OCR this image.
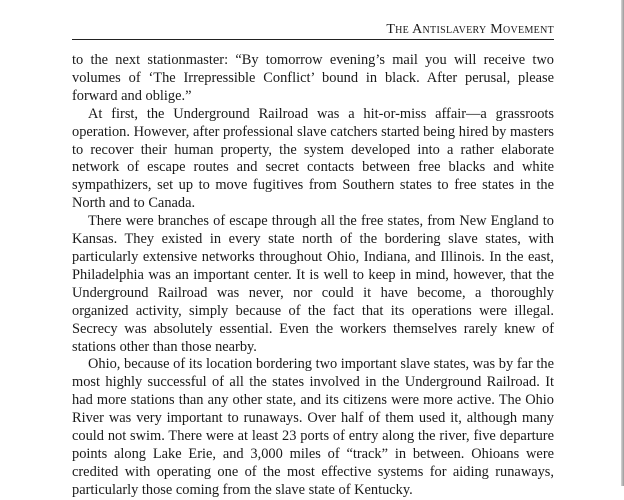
The Antislavery Movement

to the next stationmaster: “By tomorrow evening’s mail you will receive two volumes of ‘The Irrepressible Conflict’ bound in black. After perusal, please forward and oblige.”

At first, the Underground Railroad was a hit-or-miss affair—a grassroots operation. However, after professional slave catchers started being hired by masters to recover their human property, the system developed into a rather elaborate network of escape routes and secret contacts between free blacks and white sympathizers, set up to move fugitives from Southern states to free states in the North and to Canada.

There were branches of escape through all the free states, from New England to Kansas. They existed in every state north of the bordering slave states, with particularly extensive networks throughout Ohio, Indiana, and Illinois. In the east, Philadelphia was an important center. It is well to keep in mind, however, that the Underground Railroad was never, nor could it have become, a thoroughly organized activity, simply because of the fact that its operations were illegal. Secrecy was absolutely essential. Even the workers themselves rarely knew of stations other than those nearby.

Ohio, because of its location bordering two important slave states, was by far the most highly successful of all the states involved in the Underground Railroad. It had more stations than any other state, and its citizens were more active. The Ohio River was very important to runaways. Over half of them used it, although many could not swim. There were at least 23 ports of entry along the river, five departure points along Lake Erie, and 3,000 miles of “track” in between. Ohioans were credited with operating one of the most effective systems for aiding runaways, particularly those coming from the slave state of Kentucky.
